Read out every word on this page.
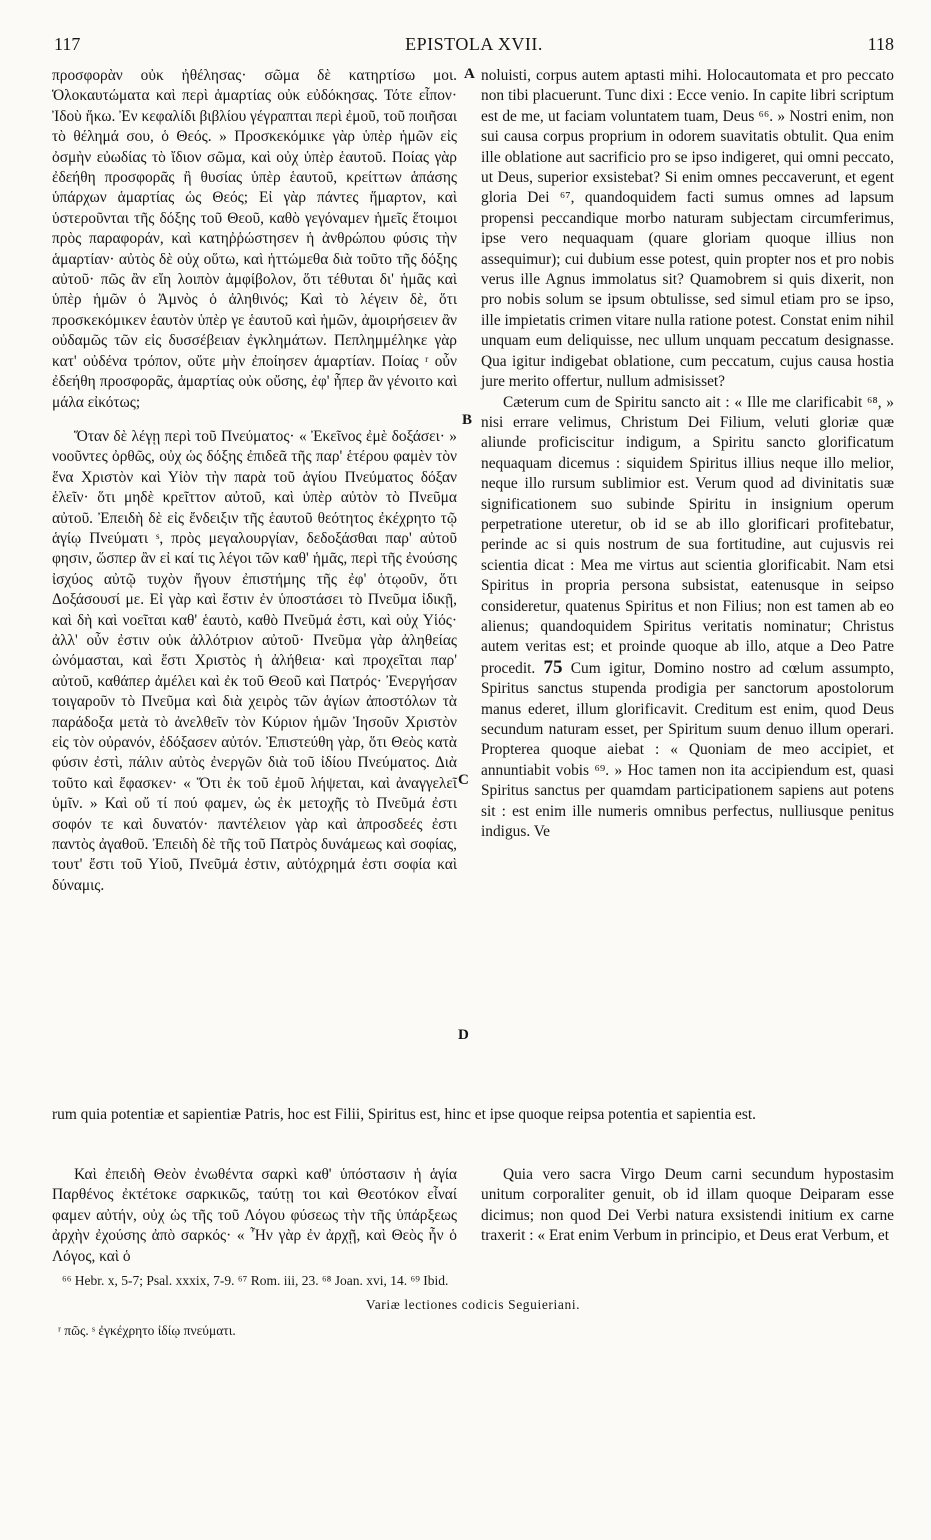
117	EPISTOLA XVII.	118

προσφορὰν οὐκ ἠθέλησας· σῶμα δὲ κατηρτίσω μοι. Ὁλοκαυτώματα καὶ περὶ ἁμαρτίας οὐκ εὐδόκησας. Τότε εἶπον· Ἰδοὺ ἥκω. Ἐν κεφαλίδι βιβλίου γέγραπται περὶ ἐμοῦ, τοῦ ποιῆσαι τὸ θέλημά σου, ὁ Θεός. » Προσκεκόμικε γὰρ ὑπὲρ ἡμῶν εἰς ὀσμὴν εὐωδίας τὸ ἴδιον σῶμα, καὶ οὐχ ὑπὲρ ἑαυτοῦ. Ποίας γὰρ ἐδεήθη προσφορᾶς ἢ θυσίας ὑπὲρ ἑαυτοῦ, κρείττων ἁπάσης ὑπάρχων ἁμαρτίας ὡς Θεός; Εἰ γὰρ πάντες ἥμαρτον, καὶ ὑστεροῦνται τῆς δόξης τοῦ Θεοῦ, καθὸ γεγόναμεν ἡμεῖς ἕτοιμοι πρὸς παραφοράν, καὶ κατηῤῥώστησεν ἡ ἀνθρώπου φύσις τὴν ἁμαρτίαν· αὐτὸς δὲ οὐχ οὕτω, καὶ ἡττώμεθα διὰ τοῦτο τῆς δόξης αὐτοῦ· πῶς ἂν εἴη λοιπὸν ἀμφίβολον, ὅτι τέθυται δι' ἡμᾶς καὶ ὑπὲρ ἡμῶν ὁ Ἀμνὸς ὁ ἀληθινός; Καὶ τὸ λέγειν δὲ, ὅτι προσκεκόμικεν ἑαυτὸν ὑπὲρ γε ἑαυτοῦ καὶ ἡμῶν, ἀμοιρήσειεν ἂν οὐδαμῶς τῶν εἰς δυσσέβειαν ἐγκλημάτων. Πεπλημμέληκε γὰρ κατ' οὐδένα τρόπον, οὔτε μὴν ἐποίησεν ἁμαρτίαν. Ποίας ʳ οὖν ἐδεήθη προσφορᾶς, ἁμαρτίας οὐκ οὔσης, ἐφ' ἧπερ ἂν γένοιτο καὶ μάλα εἰκότως;

Ὅταν δὲ λέγῃ περὶ τοῦ Πνεύματος· « Ἐκεῖνος ἐμὲ δοξάσει· » νοοῦντες ὀρθῶς, οὐχ ὡς δόξης ἐπιδεᾶ τῆς παρ' ἑτέρου φαμὲν τὸν ἕνα Χριστὸν καὶ Υἱὸν τὴν παρὰ τοῦ ἁγίου Πνεύματος δόξαν ἑλεῖν· ὅτι μηδὲ κρεῖττον αὐτοῦ, καὶ ὑπὲρ αὐτὸν τὸ Πνεῦμα αὐτοῦ. Ἐπειδὴ δὲ εἰς ἔνδειξιν τῆς ἑαυτοῦ θεότητος ἐκέχρητο τῷ ἁγίῳ Πνεύματι ˢ, πρὸς μεγαλουργίαν, δεδοξάσθαι παρ' αὐτοῦ φησιν, ὥσπερ ἂν εἰ καί τις λέγοι τῶν καθ' ἡμᾶς, περὶ τῆς ἐνούσης ἰσχύος αὐτῷ τυχὸν ἤγουν ἐπιστήμης τῆς ἐφ' ὁτῳοῦν, ὅτι Δοξάσουσί με. Εἰ γὰρ καὶ ἔστιν ἐν ὑποστάσει τὸ Πνεῦμα ἰδικῇ, καὶ δὴ καὶ νοεῖται καθ' ἑαυτὸ, καθὸ Πνεῦμά ἐστι, καὶ οὐχ Υἱός· ἀλλ' οὖν ἐστιν οὐκ ἀλλότριον αὐτοῦ· Πνεῦμα γὰρ ἀληθείας ὠνόμασται, καὶ ἔστι Χριστὸς ἡ ἀλήθεια· καὶ προχεῖται παρ' αὐτοῦ, καθάπερ ἀμέλει καὶ ἐκ τοῦ Θεοῦ καὶ Πατρός· Ἐνεργήσαν τοιγαροῦν τὸ Πνεῦμα καὶ διὰ χειρὸς τῶν ἁγίων ἀποστόλων τὰ παράδοξα μετὰ τὸ ἀνελθεῖν τὸν Κύριον ἡμῶν Ἰησοῦν Χριστὸν εἰς τὸν οὐρανόν, ἐδόξασεν αὐτόν. Ἐπιστεύθη γὰρ, ὅτι Θεὸς κατὰ φύσιν ἐστὶ, πάλιν αὐτὸς ἐνεργῶν διὰ τοῦ ἰδίου Πνεύματος. Διὰ τοῦτο καὶ ἔφασκεν· « Ὅτι ἐκ τοῦ ἐμοῦ λήψεται, καὶ ἀναγγελεῖ ὑμῖν. » Καὶ οὔ τί πού φαμεν, ὡς ἐκ μετοχῆς τὸ Πνεῦμά ἐστι σοφόν τε καὶ δυνατόν· παντέλειον γὰρ καὶ ἀπροσδεές ἐστι παντὸς ἀγαθοῦ. Ἐπειδὴ δὲ τῆς τοῦ Πατρὸς δυνάμεως καὶ σοφίας, τουτ' ἔστι τοῦ Υἱοῦ, Πνεῦμά ἐστιν, αὐτόχρημά ἐστι σοφία καὶ δύναμις.

noluisti, corpus autem aptasti mihi. Holocautomata et pro peccato non tibi placuerunt. Tunc dixi : Ecce venio. In capite libri scriptum est de me, ut faciam voluntatem tuam, Deus ⁶⁶. » Nostri enim, non sui causa corpus proprium in odorem suavitatis obtulit. Qua enim ille oblatione aut sacrificio pro se ipso indigeret, qui omni peccato, ut Deus, superior exsistebat? Si enim omnes peccaverunt, et egent gloria Dei ⁶⁷, quandoquidem facti sumus omnes ad lapsum propensi peccandique morbo naturam subjectam circumferimus, ipse vero nequaquam (quare gloriam quoque illius non assequimur); cui dubium esse potest, quin propter nos et pro nobis verus ille Agnus immolatus sit? Quamobrem si quis dixerit, non pro nobis solum se ipsum obtulisse, sed simul etiam pro se ipso, ille impietatis crimen vitare nulla ratione potest. Constat enim nihil unquam eum deliquisse, nec ullum unquam peccatum designasse. Qua igitur indigebat oblatione, cum peccatum, cujus causa hostia jure merito offertur, nullum admisisset?

Cæterum cum de Spiritu sancto ait : « Ille me clarificabit ⁶⁸, » nisi errare velimus, Christum Dei Filium, veluti gloriæ quæ aliunde proficiscitur indigum, a Spiritu sancto glorificatum nequaquam dicemus : siquidem Spiritus illius neque illo melior, neque illo rursum sublimior est. Verum quod ad divinitatis suæ significationem suo subinde Spiritu in insignium operum perpetratione uteretur, ob id se ab illo glorificari profitebatur, perinde ac si quis nostrum de sua fortitudine, aut cujusvis rei scientia dicat : Mea me virtus aut scientia glorificabit. Nam etsi Spiritus in propria persona subsistat, eatenusque in seipso consideretur, quatenus Spiritus et non Filius; non est tamen ab eo alienus; quandoquidem Spiritus veritatis nominatur; Christus autem veritas est; et proinde quoque ab illo, atque a Deo Patre procedit. 75 Cum igitur, Domino nostro ad cœlum assumpto, Spiritus sanctus stupenda prodigia per sanctorum apostolorum manus ederet, illum glorificavit. Creditum est enim, quod Deus secundum naturam esset, per Spiritum suum denuo illum operari. Propterea quoque aiebat : « Quoniam de meo accipiet, et annuntiabit vobis ⁶⁹. » Hoc tamen non ita accipiendum est, quasi Spiritus sanctus per quamdam participationem sapiens aut potens sit : est enim ille numeris omnibus perfectus, nulliusque penitus indigus. Ve

A
B
C
D
rum quia potentiæ et sapientiæ Patris, hoc est Filii, Spiritus est, hinc et ipse quoque reipsa potentia et sapientia est.
Καὶ ἐπειδὴ Θεὸν ἐνωθέντα σαρκὶ καθ' ὑπόστασιν ἡ ἁγία Παρθένος ἐκτέτοκε σαρκικῶς, ταύτῃ τοι καὶ Θεοτόκον εἶναί φαμεν αὐτήν, οὐχ ὡς τῆς τοῦ Λόγου φύσεως τὴν τῆς ὑπάρξεως ἀρχὴν ἐχούσης ἀπὸ σαρκός· « Ἦν γὰρ ἐν ἀρχῇ, καὶ Θεὸς ἦν ὁ Λόγος, καὶ ὁ
Quia vero sacra Virgo Deum carni secundum hypostasim unitum corporaliter genuit, ob id illam quoque Deiparam esse dicimus; non quod Dei Verbi natura exsistendi initium ex carne traxerit : « Erat enim Verbum in principio, et Deus erat Verbum, et
⁶⁶ Hebr. x, 5-7; Psal. xxxix, 7-9. ⁶⁷ Rom. iii, 23. ⁶⁸ Joan. xvi, 14. ⁶⁹ Ibid.
Variæ lectiones codicis Seguieriani.
ʳ πῶς. ˢ ἐγκέχρητο ἰδίῳ πνεύματι.
